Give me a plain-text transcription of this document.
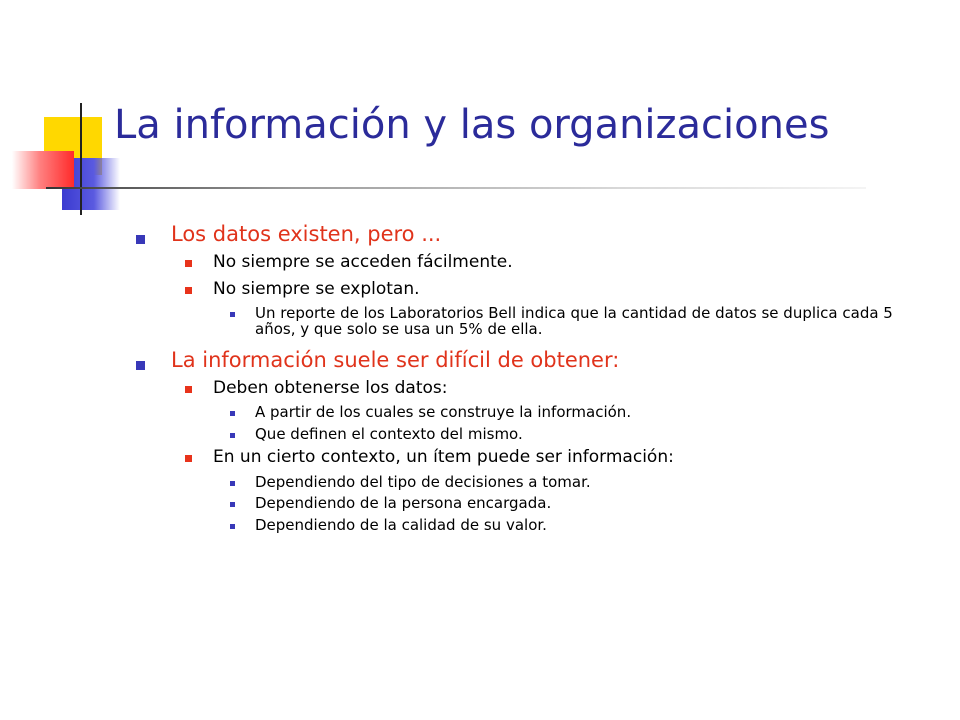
La información y las organizaciones
Los datos existen, pero ...
No siempre se acceden fácilmente.
No siempre se explotan.
Un reporte de los Laboratorios Bell indica que la cantidad de datos se duplica cada 5 años, y que solo se usa un 5% de ella.
La información suele ser difícil de obtener:
Deben obtenerse los datos:
A partir de los cuales se construye la información.
Que definen el contexto del mismo.
En un cierto contexto, un ítem puede ser información:
Dependiendo del tipo de decisiones a tomar.
Dependiendo de la persona encargada.
Dependiendo de la calidad de su valor.
